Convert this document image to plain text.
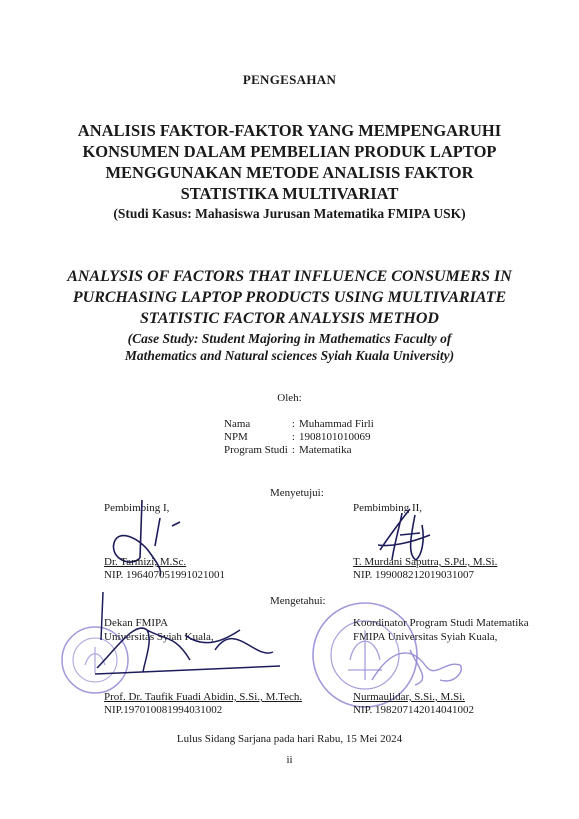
PENGESAHAN
ANALISIS FAKTOR-FAKTOR YANG MEMPENGARUHI
KONSUMEN DALAM PEMBELIAN PRODUK LAPTOP
MENGGUNAKAN METODE ANALISIS FAKTOR
STATISTIKA MULTIVARIAT
(Studi Kasus: Mahasiswa Jurusan Matematika FMIPA USK)
ANALYSIS OF FACTORS THAT INFLUENCE CONSUMERS IN
PURCHASING LAPTOP PRODUCTS USING MULTIVARIATE
STATISTIC FACTOR ANALYSIS METHOD
(Case Study: Student Majoring in Mathematics Faculty of
Mathematics and Natural sciences Syiah Kuala University)
Oleh:
Nama	:	Muhammad Firli
NPM	:	1908101010069
Program Studi	:	Matematika
Menyetujui:
Pembimbing I,
Dr. Tarmizi, M.Sc.
NIP. 196407051991021001
Pembimbing II,
T. Murdani Saputra, S.Pd., M.Si.
NIP. 199008212019031007
Mengetahui:
Dekan FMIPA
Universitas Syiah Kuala,
Prof. Dr. Taufik Fuadi Abidin, S.Si., M.Tech.
NIP.197010081994031002
Koordinator Program Studi Matematika
FMIPA Universitas Syiah Kuala,
Nurmaulidar, S.Si., M.Si.
NIP. 198207142014041002
Lulus Sidang Sarjana pada hari Rabu, 15 Mei 2024
ii
